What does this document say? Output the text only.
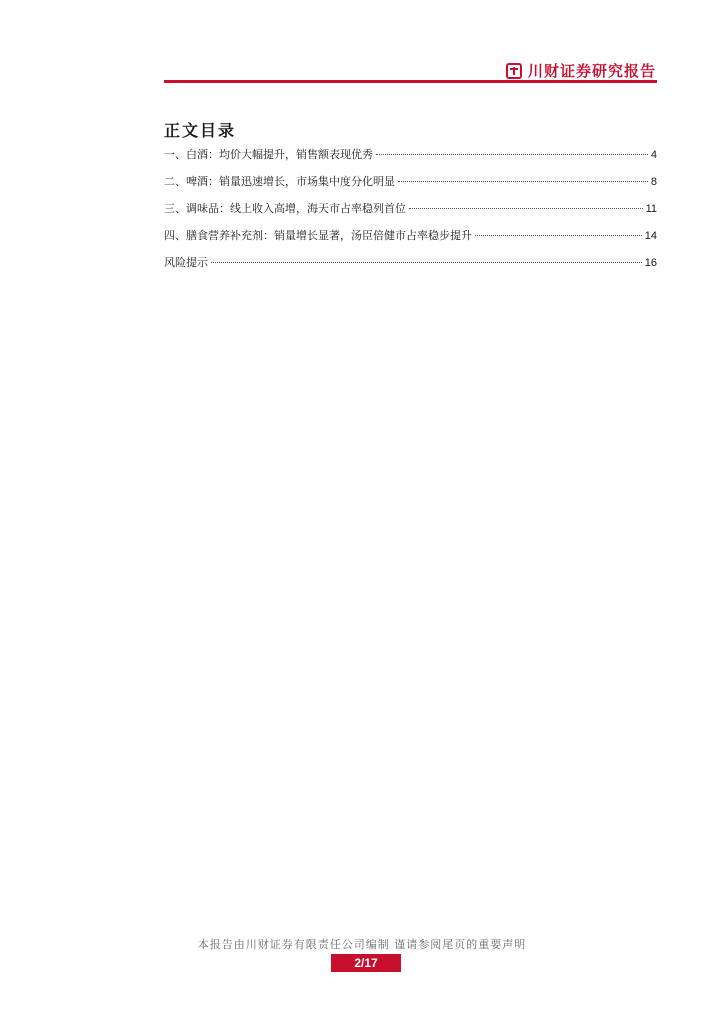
川财证券研究报告
正文目录
一、白酒：均价大幅提升，销售额表现优秀	4
二、啤酒：销量迅速增长，市场集中度分化明显	8
三、调味品：线上收入高增，海天市占率稳列首位	11
四、膳食营养补充剂：销量增长显著，汤臣倍健市占率稳步提升	14
风险提示	16
本报告由川财证券有限责任公司编制 谨请参阅尾页的重要声明
2/17
